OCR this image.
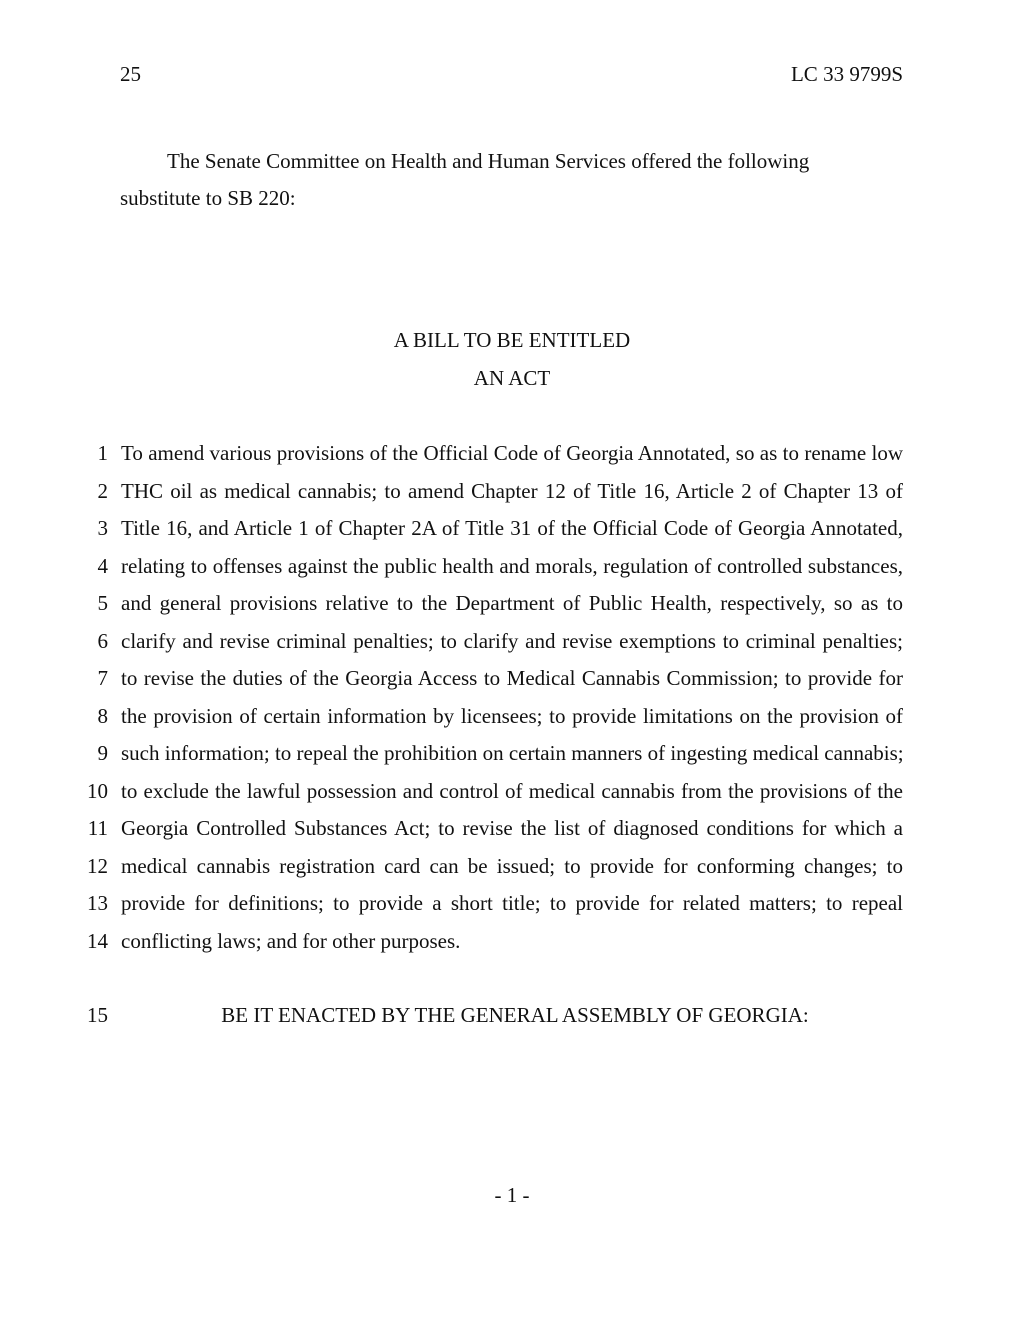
25	LC 33 9799S

The Senate Committee on Health and Human Services offered the following

substitute to SB 220:

A BILL TO BE ENTITLED
AN ACT
1 To amend various provisions of the Official Code of Georgia Annotated, so as to rename low
2 THC oil as medical cannabis; to amend Chapter 12 of Title 16, Article 2 of Chapter 13 of
3 Title 16, and Article 1 of Chapter 2A of Title 31 of the Official Code of Georgia Annotated,
4 relating to offenses against the public health and morals, regulation of controlled substances,
5 and general provisions relative to the Department of Public Health, respectively, so as to
6 clarify and revise criminal penalties; to clarify and revise exemptions to criminal penalties;
7 to revise the duties of the Georgia Access to Medical Cannabis Commission; to provide for
8 the provision of certain information by licensees; to provide limitations on the provision of
9 such information; to repeal the prohibition on certain manners of ingesting medical cannabis;
10 to exclude the lawful possession and control of medical cannabis from the provisions of the
11 Georgia Controlled Substances Act; to revise the list of diagnosed conditions for which a
12 medical cannabis registration card can be issued; to provide for conforming changes; to
13 provide for definitions; to provide a short title; to provide for related matters; to repeal
14 conflicting laws; and for other purposes.
15	BE IT ENACTED BY THE GENERAL ASSEMBLY OF GEORGIA:
- 1 -
